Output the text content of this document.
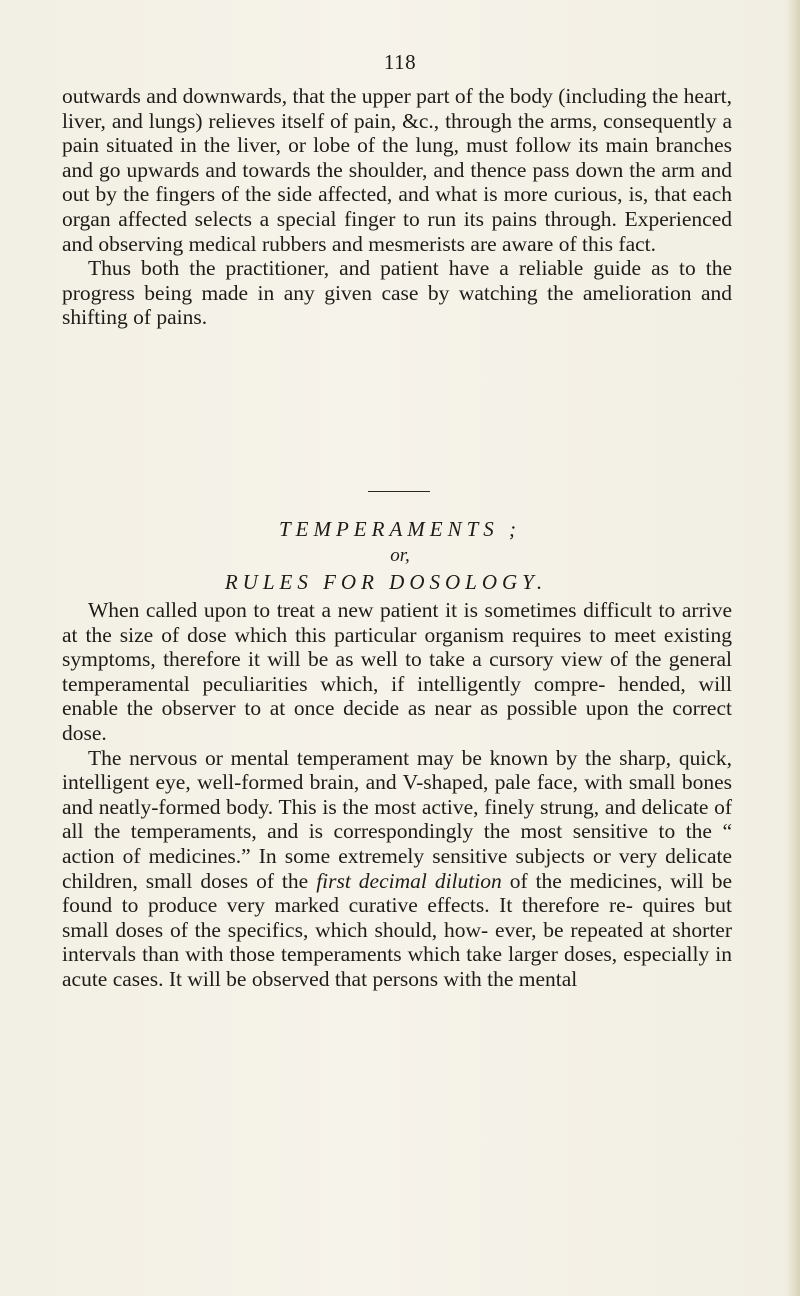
118

outwards and downwards, that the upper part of the body (including the heart, liver, and lungs) relieves itself of pain, &c., through the arms, consequently a pain situated in the liver, or lobe of the lung, must follow its main branches and go upwards and towards the shoulder, and thence pass down the arm and out by the fingers of the side affected, and what is more curious, is, that each organ affected selects a special finger to run its pains through. Experienced and observing medical rubbers and mesmerists are aware of this fact.

Thus both the practitioner, and patient have a reliable guide as to the progress being made in any given case by watching the amelioration and shifting of pains.

TEMPERAMENTS ;
or,
RULES FOR DOSOLOGY.

When called upon to treat a new patient it is sometimes difficult to arrive at the size of dose which this particular organism requires to meet existing symptoms, therefore it will be as well to take a cursory view of the general temperamental peculiarities which, if intelligently compre- hended, will enable the observer to at once decide as near as possible upon the correct dose.

The nervous or mental temperament may be known by the sharp, quick, intelligent eye, well-formed brain, and V-shaped, pale face, with small bones and neatly-formed body. This is the most active, finely strung, and delicate of all the temperaments, and is correspondingly the most sensitive to the “ action of medicines.” In some extremely sensitive subjects or very delicate children, small doses of the first decimal dilution of the medicines, will be found to produce very marked curative effects. It therefore re- quires but small doses of the specifics, which should, how- ever, be repeated at shorter intervals than with those temperaments which take larger doses, especially in acute cases. It will be observed that persons with the mental
